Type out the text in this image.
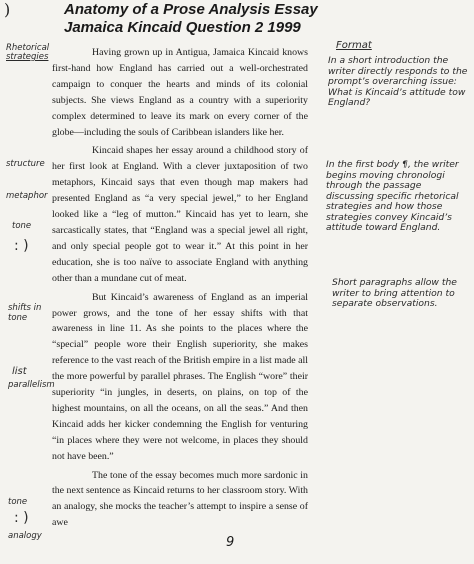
)	Anatomy of a Prose Analysis Essay
Jamaica Kincaid Question 2 1999
Rhetorical
strategies
structure
metaphor
tone
: )
shifts in
tone
list
parallelism
tone
: )
analogy

Having grown up in Antigua, Jamaica Kincaid knows first-hand how England has carried out a well-orchestrated campaign to conquer the hearts and minds of its colonial subjects. She views England as a country with a superiority complex determined to leave its mark on every corner of the globe—including the souls of Caribbean islanders like her.

Kincaid shapes her essay around a childhood story of her first look at England. With a clever juxtaposition of two metaphors, Kincaid says that even though map makers had presented England as “a very special jewel,” to her England looked like a “leg of mutton.” Kincaid has yet to learn, she sarcastically states, that “England was a special jewel all right, and only special people got to wear it.” At this point in her education, she is too naïve to associate England with anything other than a mundane cut of meat.

But Kincaid’s awareness of England as an imperial power grows, and the tone of her essay shifts with that awareness in line 11. As she points to the places where the “special” people wore their English superiority, she makes reference to the vast reach of the British empire in a list made all the more powerful by parallel phrases. The English “wore” their superiority “in jungles, in deserts, on plains, on top of the highest mountains, on all the oceans, on all the seas.” And then Kincaid adds her kicker condemning the English for venturing “in places where they were not welcome, in places they should not have been.”

The tone of the essay becomes much more sardonic in the next sentence as Kincaid returns to her classroom story. With an analogy, she mocks the teacher’s attempt to inspire a sense of awe

Format
In a short introduction the writer directly responds to the prompt’s overarching issue: What is Kincaid’s attitude tow England?
In the first body ¶, the writer begins moving chronologi through the passage discussing specific rhetorical strategies and how those strategies convey Kincaid’s attitude toward England.
Short paragraphs allow the writer to bring attention to separate observations.
9
